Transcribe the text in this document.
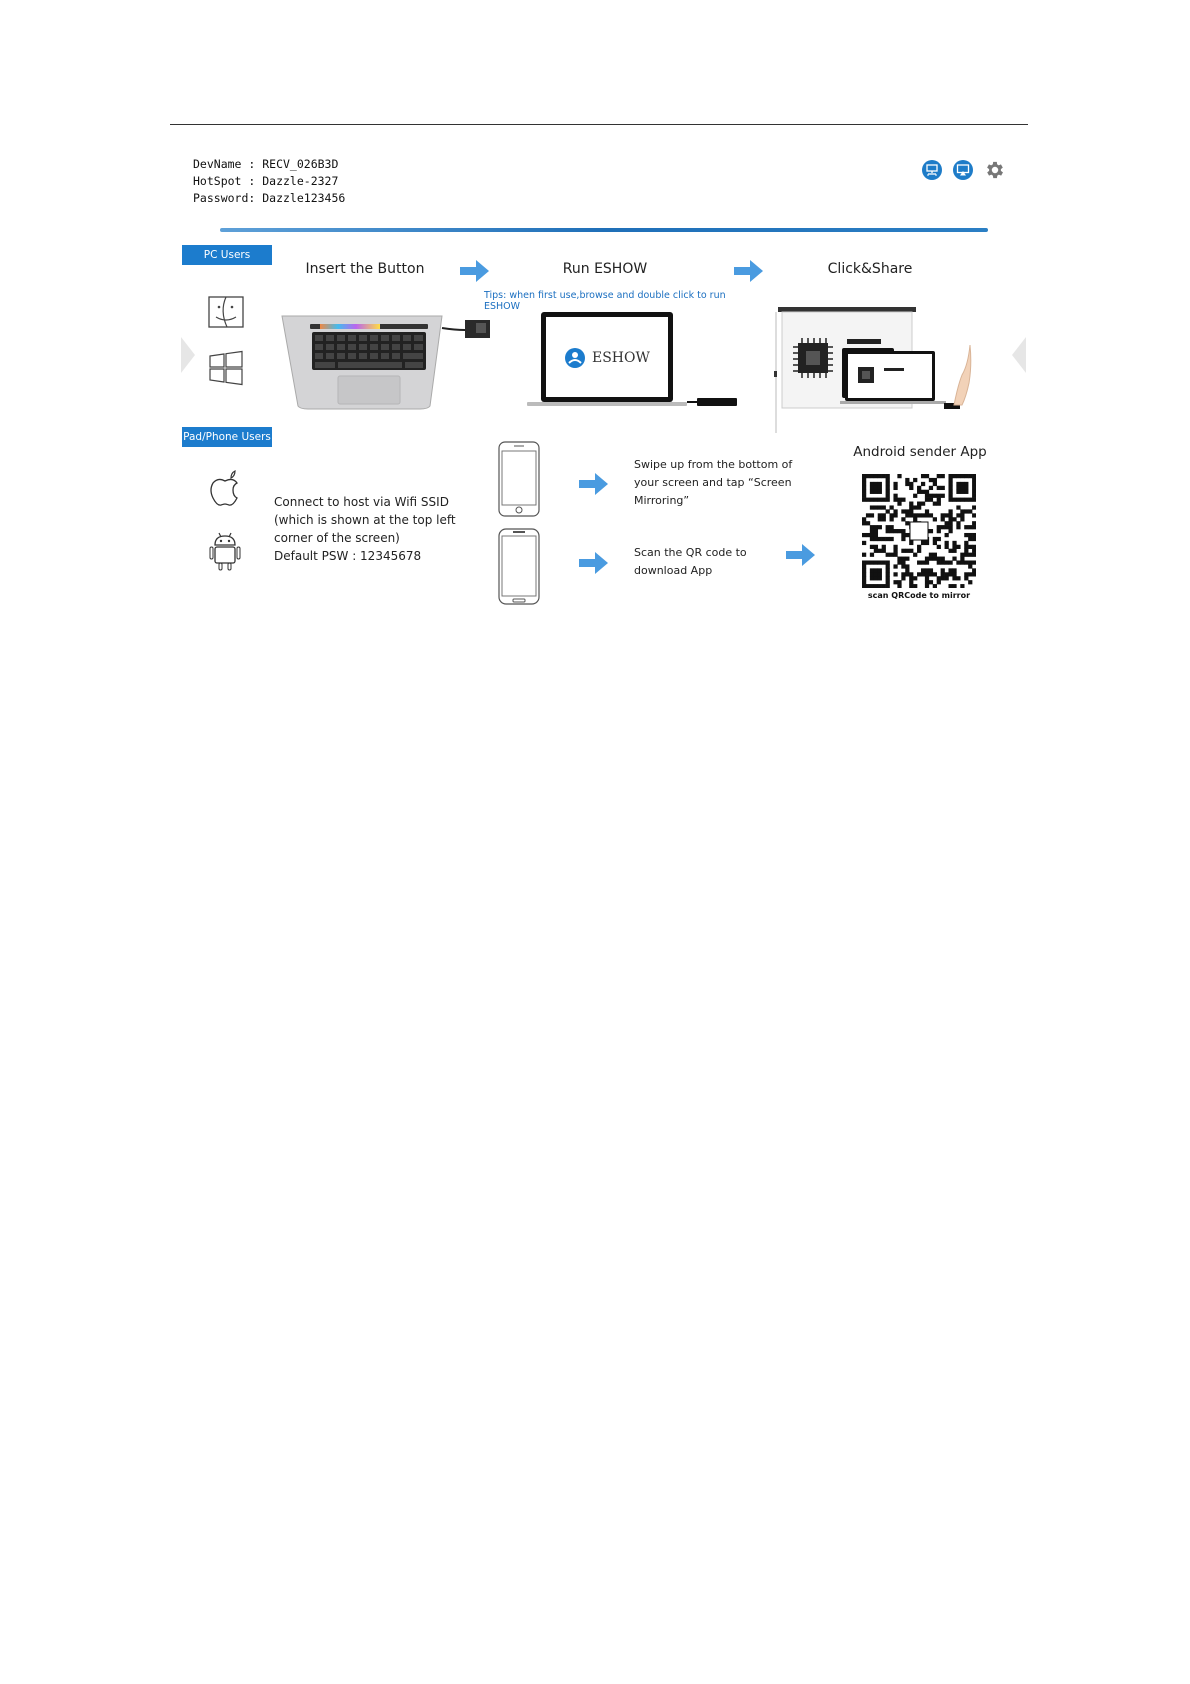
DevName : RECV_026B3D
HotSpot : Dazzle-2327
Password: Dazzle123456
PC Users
Insert the Button	Run ESHOW	Click&Share
Tips: when first use,browse and double click to run ESHOW
ESHOW
Pad/Phone Users
Connect to host via Wifi SSID
(which is shown at the top left
corner of the screen)
Default PSW : 12345678
Swipe up from the bottom of
your screen and tap “Screen
Mirroring”
Scan the QR code to
download App
Android sender App
scan QRCode to mirror
